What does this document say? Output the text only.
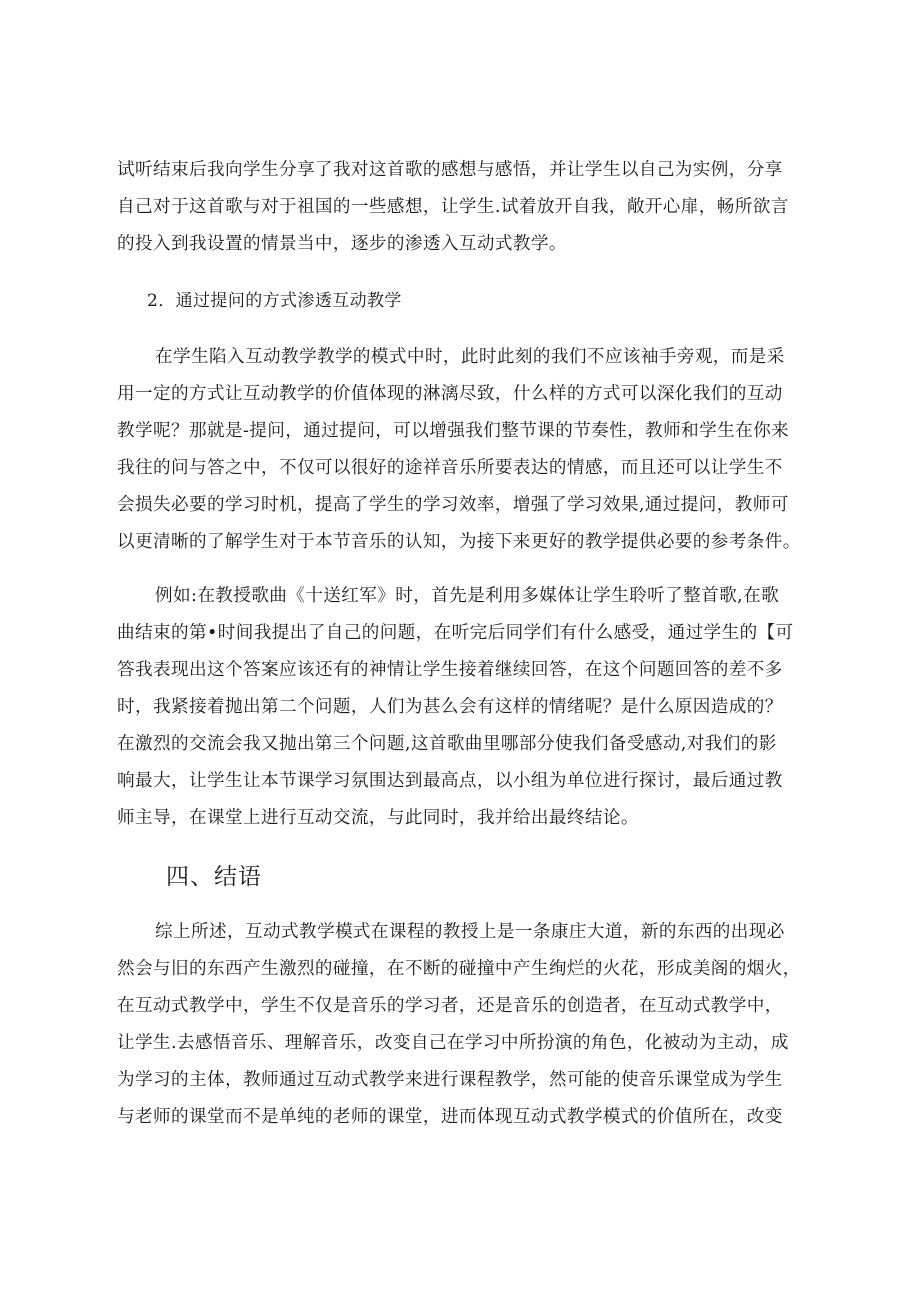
试听结束后我向学生分享了我对这首歌的感想与感悟，并让学生以自己为实例，分享
自己对于这首歌与对于祖国的一些感想，让学生.试着放开自我，敞开心扉，畅所欲言
的投入到我设置的情景当中，逐步的渗透入互动式教学。
2．通过提问的方式渗透互动教学
在学生陷入互动教学教学的模式中时，此时此刻的我们不应该袖手旁观，而是采
用一定的方式让互动教学的价值体现的淋漓尽致，什么样的方式可以深化我们的互动
教学呢？那就是-提问，通过提问，可以增强我们整节课的节奏性，教师和学生在你来
我往的问与答之中，不仅可以很好的途祥音乐所要表达的情感，而且还可以让学生不
会损失必要的学习时机，提高了学生的学习效率，增强了学习效果,通过提问，教师可
以更清晰的了解学生对于本节音乐的认知，为接下来更好的教学提供必要的参考条件。
例如:在教授歌曲《十送红军》时，首先是利用多媒体让学生聆听了整首歌,在歌
曲结束的第•时间我提出了自己的问题，在听完后同学们有什么感受，通过学生的【可
答我表现出这个答案应该还有的神情让学生接着继续回答，在这个问题回答的差不多
时，我紧接着抛出第二个问题，人们为甚么会有这样的情绪呢？是什么原因造成的？
在激烈的交流会我又抛出第三个问题,这首歌曲里哪部分使我们备受感动,对我们的影
响最大，让学生让本节课学习氛围达到最高点，以小组为单位进行探讨，最后通过教
师主导，在课堂上进行互动交流，与此同时，我并给出最终结论。
四、结语
综上所述，互动式教学模式在课程的教授上是一条康庄大道，新的东西的出现必
然会与旧的东西产生激烈的碰撞，在不断的碰撞中产生绚烂的火花，形成美阁的烟火，
在互动式教学中，学生不仅是音乐的学习者，还是音乐的创造者，在互动式教学中，
让学生.去感悟音乐、理解音乐，改变自己在学习中所扮演的角色，化被动为主动，成
为学习的主体，教师通过互动式教学来进行课程教学，然可能的使音乐课堂成为学生
与老师的课堂而不是单纯的老师的课堂，进而体现互动式教学模式的价值所在，改变
